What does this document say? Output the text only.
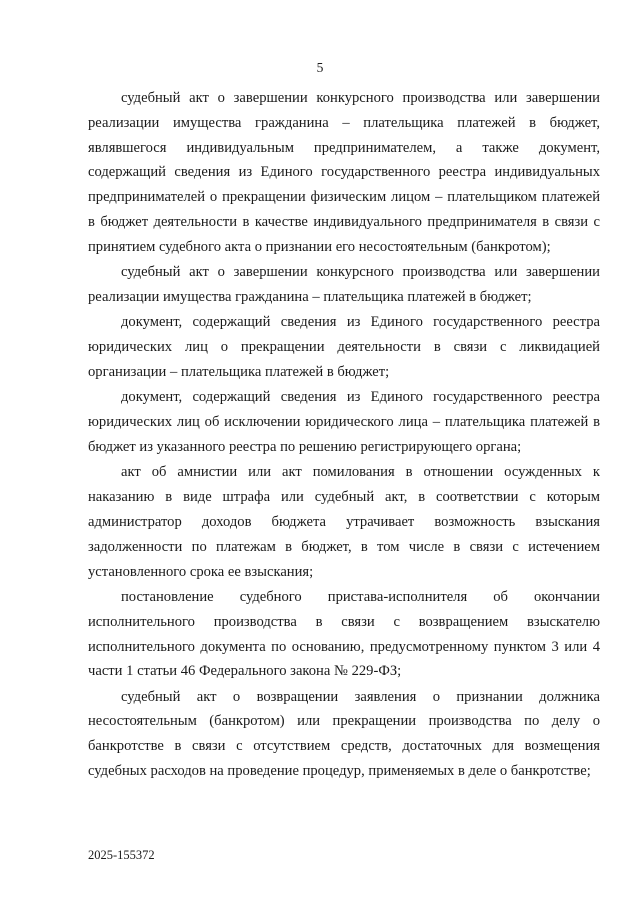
5

судебный акт о завершении конкурсного производства или завершении реализации имущества гражданина – плательщика платежей в бюджет, являвшегося индивидуальным предпринимателем, а также документ, содержащий сведения из Единого государственного реестра индивидуальных предпринимателей о прекращении физическим лицом – плательщиком платежей в бюджет деятельности в качестве индивидуального предпринимателя в связи с принятием судебного акта о признании его несостоятельным (банкротом);

судебный акт о завершении конкурсного производства или завершении реализации имущества гражданина – плательщика платежей в бюджет;

документ, содержащий сведения из Единого государственного реестра юридических лиц о прекращении деятельности в связи с ликвидацией организации – плательщика платежей в бюджет;

документ, содержащий сведения из Единого государственного реестра юридических лиц об исключении юридического лица – плательщика платежей в бюджет из указанного реестра по решению регистрирующего органа;

акт об амнистии или акт помилования в отношении осужденных к наказанию в виде штрафа или судебный акт, в соответствии с которым администратор доходов бюджета утрачивает возможность взыскания задолженности по платежам в бюджет, в том числе в связи с истечением установленного срока ее взыскания;

постановление судебного пристава-исполнителя об окончании исполнительного производства в связи с возвращением взыскателю исполнительного документа по основанию, предусмотренному пунктом 3 или 4 части 1 статьи 46 Федерального закона № 229-ФЗ;

судебный акт о возвращении заявления о признании должника несостоятельным (банкротом) или прекращении производства по делу о банкротстве в связи с отсутствием средств, достаточных для возмещения судебных расходов на проведение процедур, применяемых в деле о банкротстве;

2025-155372
